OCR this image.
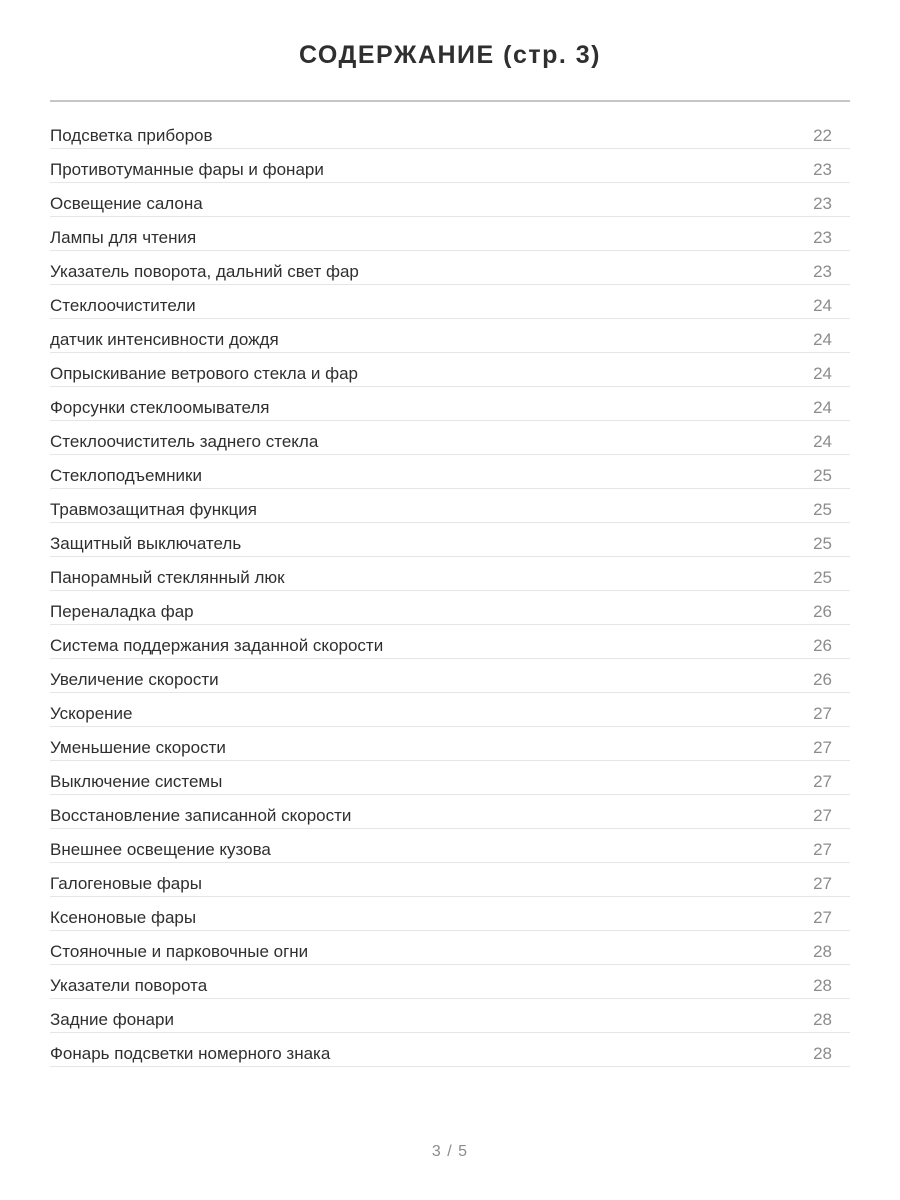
СОДЕРЖАНИЕ (стр. 3)
Подсветка приборов	22
Противотуманные фары и фонари	23
Освещение салона	23
Лампы для чтения	23
Указатель поворота, дальний свет фар	23
Стеклоочистители	24
датчик интенсивности дождя	24
Опрыскивание ветрового стекла и фар	24
Форсунки стеклоомывателя	24
Стеклоочиститель заднего стекла	24
Стеклоподъемники	25
Травмозащитная функция	25
Защитный выключатель	25
Панорамный стеклянный люк	25
Переналадка фар	26
Система поддержания заданной скорости	26
Увеличение скорости	26
Ускорение	27
Уменьшение скорости	27
Выключение системы	27
Восстановление записанной скорости	27
Внешнее освещение кузова	27
Галогеновые фары	27
Ксеноновые фары	27
Стояночные и парковочные огни	28
Указатели поворота	28
Задние фонари	28
Фонарь подсветки номерного знака	28
3 / 5
